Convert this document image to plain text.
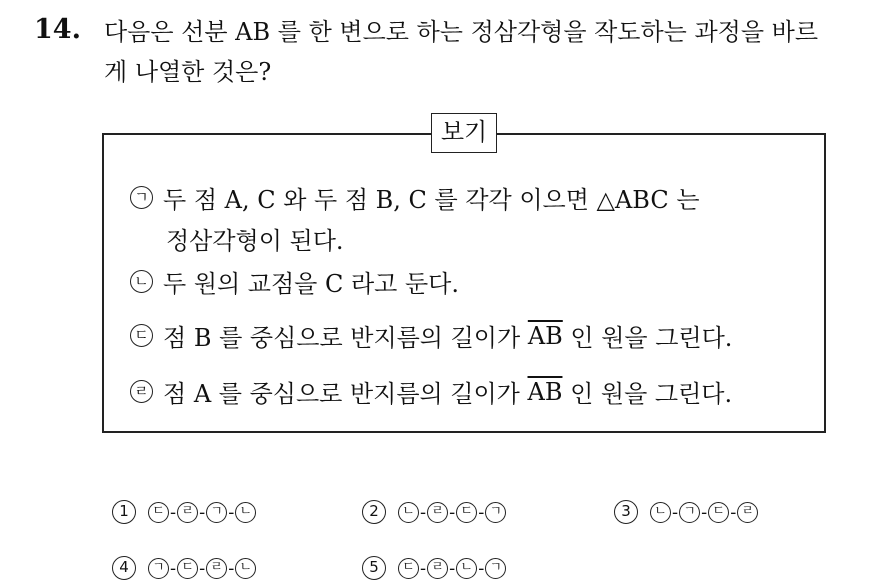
14. 다음은 선분 AB 를 한 변으로 하는 정삼각형을 작도하는 과정을 바르
게 나열한 것은?
보기
ㄱ 두 점 A, C 와 두 점 B, C 를 각각 이으면 △ABC 는
정삼각형이 된다.
ㄴ 두 원의 교점을 C 라고 둔다.
ㄷ 점 B 를 중심으로 반지름의 길이가 $\overline{AB}$ 인 원을 그린다.
ㄹ 점 A 를 중심으로 반지름의 길이가 $\overline{AB}$ 인 원을 그린다.
1	ㄷ - ㄹ - ㄱ - ㄴ	2	ㄴ - ㄹ - ㄷ - ㄱ	3	ㄴ - ㄱ - ㄷ - ㄹ
4	ㄱ - ㄷ - ㄹ - ㄴ	5	ㄷ - ㄹ - ㄴ - ㄱ
